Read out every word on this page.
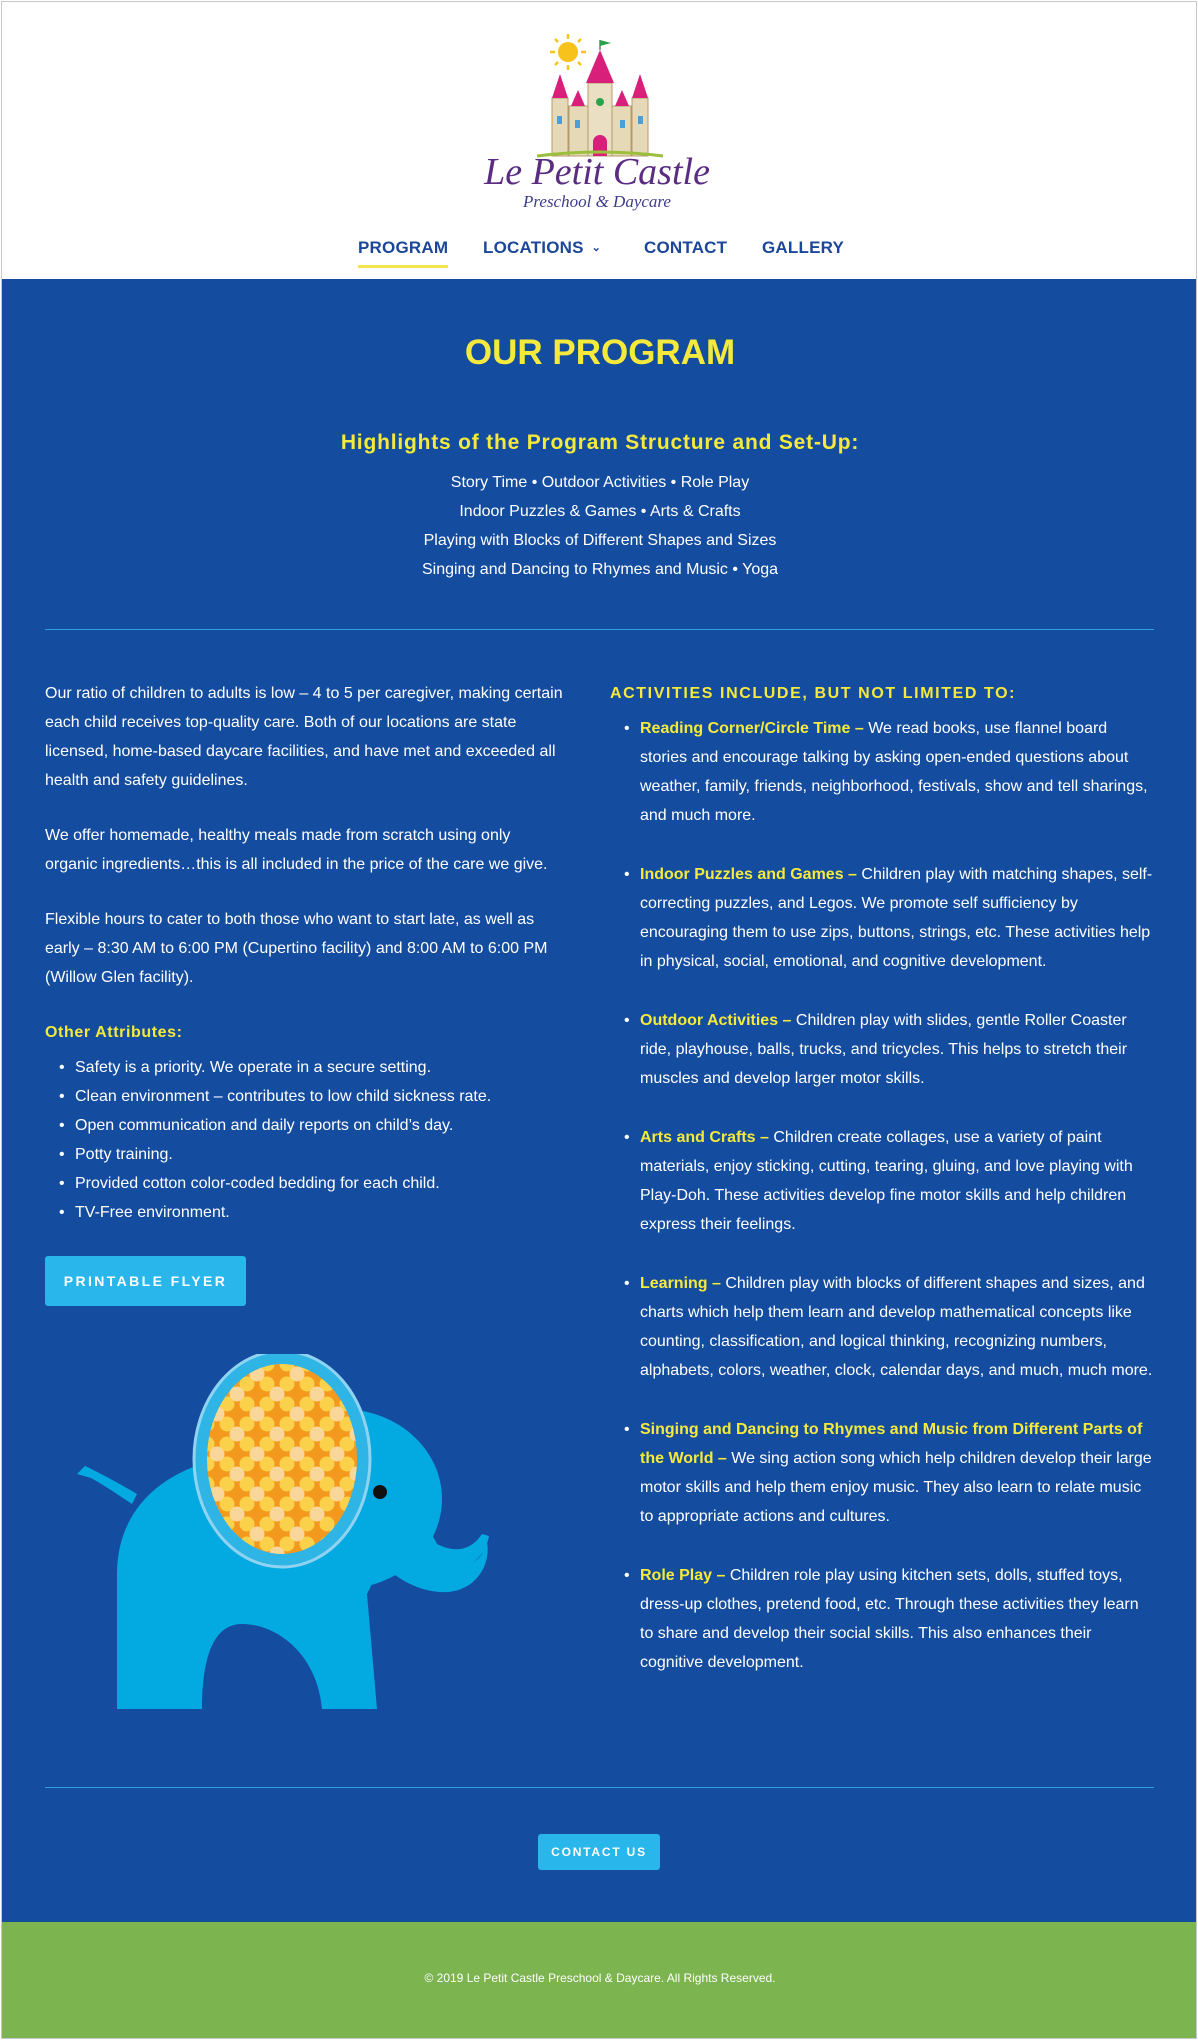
Le Petit Castle
Preschool & Daycare
PROGRAM LOCATIONS ⌄	CONTACT GALLERY
OUR PROGRAM
Highlights of the Program Structure and Set-Up:
Story Time • Outdoor Activities • Role Play
Indoor Puzzles & Games • Arts & Crafts
Playing with Blocks of Different Shapes and Sizes
Singing and Dancing to Rhymes and Music • Yoga

Our ratio of children to adults is low – 4 to 5 per caregiver, making certain each child receives top-quality care. Both of our locations are state licensed, home-based daycare facilities, and have met and exceeded all health and safety guidelines.

We offer homemade, healthy meals made from scratch using only organic ingredients…this is all included in the price of the care we give.

Flexible hours to cater to both those who want to start late, as well as early – 8:30 AM to 6:00 PM (Cupertino facility) and 8:00 AM to 6:00 PM (Willow Glen facility).

Other Attributes:
• Safety is a priority. We operate in a secure setting.
• Clean environment – contributes to low child sickness rate.
• Open communication and daily reports on child’s day.
• Potty training.
• Provided cotton color-coded bedding for each child.
• TV-Free environment.
PRINTABLE FLYER
ACTIVITIES INCLUDE, BUT NOT LIMITED TO:
• Reading Corner/Circle Time – We read books, use flannel board stories and encourage talking by asking open-ended questions about weather, family, friends, neighborhood, festivals, show and tell sharings, and much more.
• Indoor Puzzles and Games – Children play with matching shapes, self-correcting puzzles, and Legos. We promote self sufficiency by encouraging them to use zips, buttons, strings, etc. These activities help in physical, social, emotional, and cognitive development.
• Outdoor Activities – Children play with slides, gentle Roller Coaster ride, playhouse, balls, trucks, and tricycles. This helps to stretch their muscles and develop larger motor skills.
• Arts and Crafts – Children create collages, use a variety of paint materials, enjoy sticking, cutting, tearing, gluing, and love playing with Play-Doh. These activities develop fine motor skills and help children express their feelings.
• Learning – Children play with blocks of different shapes and sizes, and charts which help them learn and develop mathematical concepts like counting, classification, and logical thinking, recognizing numbers, alphabets, colors, weather, clock, calendar days, and much, much more.
• Singing and Dancing to Rhymes and Music from Different Parts of the World – We sing action song which help children develop their large motor skills and help them enjoy music. They also learn to relate music to appropriate actions and cultures.
• Role Play – Children role play using kitchen sets, dolls, stuffed toys, dress-up clothes, pretend food, etc. Through these activities they learn to share and develop their social skills. This also enhances their cognitive development.
CONTACT US
© 2019 Le Petit Castle Preschool & Daycare. All Rights Reserved.
